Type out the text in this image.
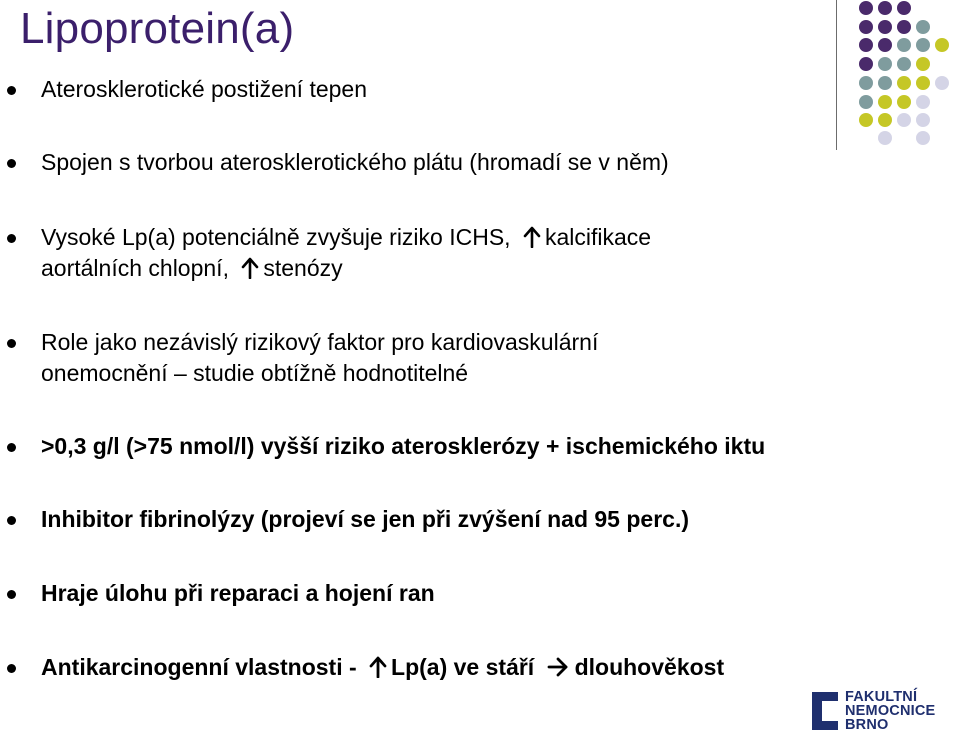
Lipoprotein(a)
Aterosklerotické postižení tepen
Spojen s tvorbou aterosklerotického plátu (hromadí se v něm)
Vysoké Lp(a) potenciálně zvyšuje riziko ICHS, kalcifikace
aortálních chlopní, stenózy
Role jako nezávislý rizikový faktor pro kardiovaskulární
onemocnění – studie obtížně hodnotitelné
>0,3 g/l (>75 nmol/l) vyšší riziko aterosklerózy + ischemického iktu
Inhibitor fibrinolýzy (projeví se jen při zvýšení nad 95 perc.)
Hraje úlohu při reparaci a hojení ran
Antikarcinogenní vlastnosti - Lp(a) ve stáří dlouhověkost
FAKULTNÍ
NEMOCNICE
BRNO
